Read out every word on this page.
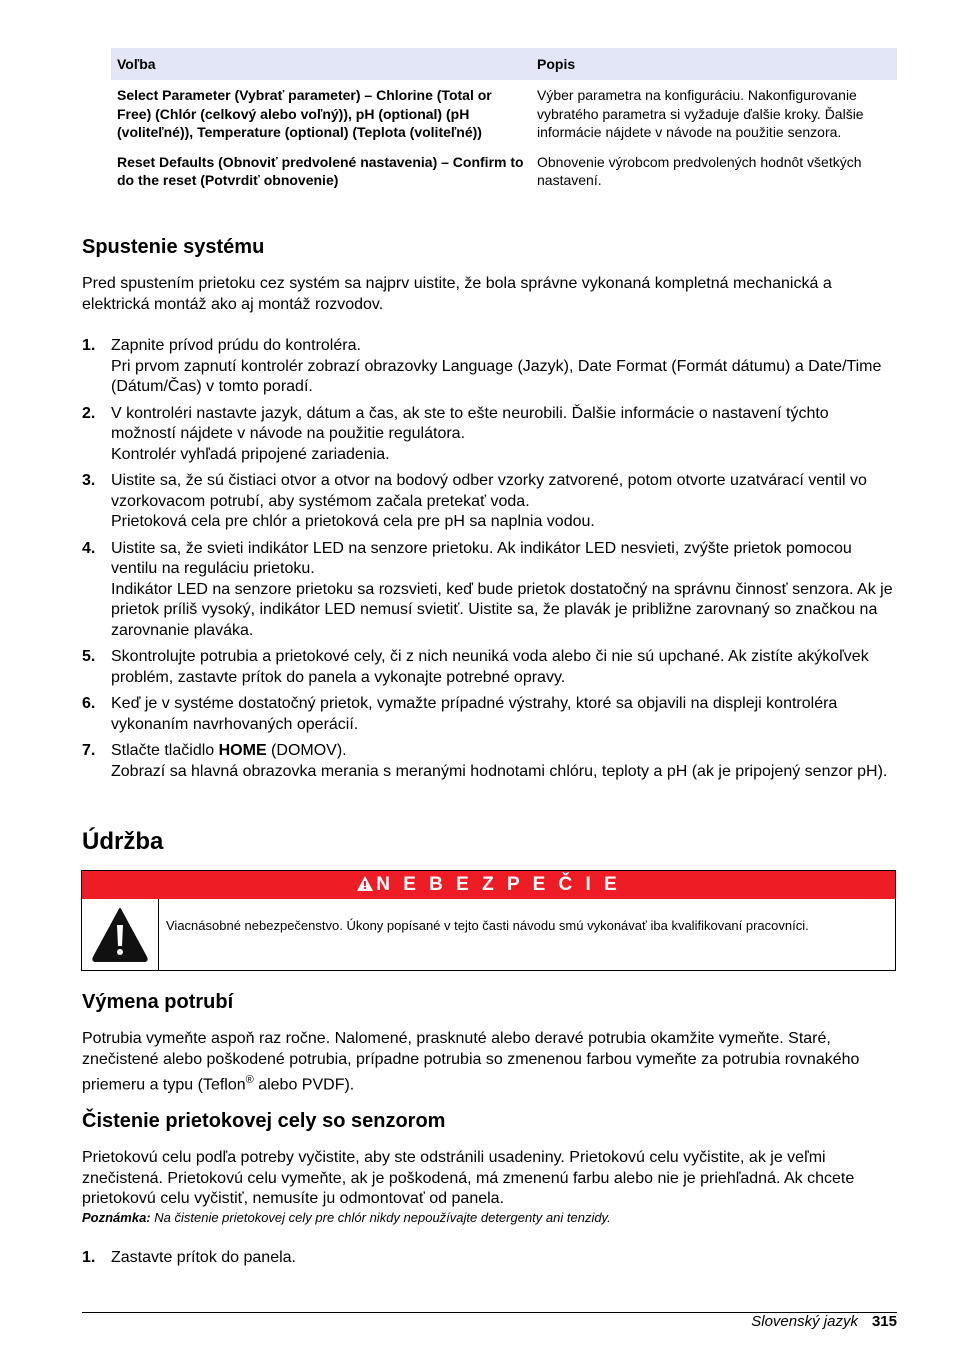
Voľba	Popis
Select Parameter (Vybrať parameter) – Chlorine (Total or Free) (Chlór (celkový alebo voľný)), pH (optional) (pH (voliteľné)), Temperature (optional) (Teplota (voliteľné))	Výber parametra na konfiguráciu. Nakonfigurovanie vybratého parametra si vyžaduje ďalšie kroky. Ďalšie informácie nájdete v návode na použitie senzora.
Reset Defaults (Obnoviť predvolené nastavenia) – Confirm to do the reset (Potvrdiť obnovenie)	Obnovenie výrobcom predvolených hodnôt všetkých nastavení.
Spustenie systému

Pred spustením prietoku cez systém sa najprv uistite, že bola správne vykonaná kompletná mechanická a elektrická montáž ako aj montáž rozvodov.

1. Zapnite prívod prúdu do kontroléra.
Pri prvom zapnutí kontrolér zobrazí obrazovky Language (Jazyk), Date Format (Formát dátumu) a Date/Time (Dátum/Čas) v tomto poradí.
2. V kontroléri nastavte jazyk, dátum a čas, ak ste to ešte neurobili. Ďalšie informácie o nastavení týchto možností nájdete v návode na použitie regulátora.
Kontrolér vyhľadá pripojené zariadenia.
3. Uistite sa, že sú čistiaci otvor a otvor na bodový odber vzorky zatvorené, potom otvorte uzatvárací ventil vo vzorkovacom potrubí, aby systémom začala pretekať voda.
Prietoková cela pre chlór a prietoková cela pre pH sa naplnia vodou.
4. Uistite sa, že svieti indikátor LED na senzore prietoku. Ak indikátor LED nesvieti, zvýšte prietok pomocou ventilu na reguláciu prietoku.
Indikátor LED na senzore prietoku sa rozsvieti, keď bude prietok dostatočný na správnu činnosť senzora. Ak je prietok príliš vysoký, indikátor LED nemusí svietiť. Uistite sa, že plavák je približne zarovnaný so značkou na zarovnanie plaváka.
5. Skontrolujte potrubia a prietokové cely, či z nich neuniká voda alebo či nie sú upchané. Ak zistíte akýkoľvek problém, zastavte prítok do panela a vykonajte potrebné opravy.
6. Keď je v systéme dostatočný prietok, vymažte prípadné výstrahy, ktoré sa objavili na displeji kontroléra vykonaním navrhovaných operácií.
7. Stlačte tlačidlo HOME (DOMOV).
Zobrazí sa hlavná obrazovka merania s meranými hodnotami chlóru, teploty a pH (ak je pripojený senzor pH).
Údržba
N E B E Z P E Č I E
Viacnásobné nebezpečenstvo. Úkony popísané v tejto časti návodu smú vykonávať iba kvalifikovaní pracovníci.
Výmena potrubí

Potrubia vymeňte aspoň raz ročne. Nalomené, prasknuté alebo deravé potrubia okamžite vymeňte. Staré, znečistené alebo poškodené potrubia, prípadne potrubia so zmenenou farbou vymeňte za potrubia rovnakého priemeru a typu (Teflon® alebo PVDF).

Čistenie prietokovej cely so senzorom

Prietokovú celu podľa potreby vyčistite, aby ste odstránili usadeniny. Prietokovú celu vyčistite, ak je veľmi znečistená. Prietokovú celu vymeňte, ak je poškodená, má zmenenú farbu alebo nie je priehľadná. Ak chcete prietokovú celu vyčistiť, nemusíte ju odmontovať od panela.

Poznámka: Na čistenie prietokovej cely pre chlór nikdy nepoužívajte detergenty ani tenzidy.
1. Zastavte prítok do panela.
Slovenský jazyk 315
